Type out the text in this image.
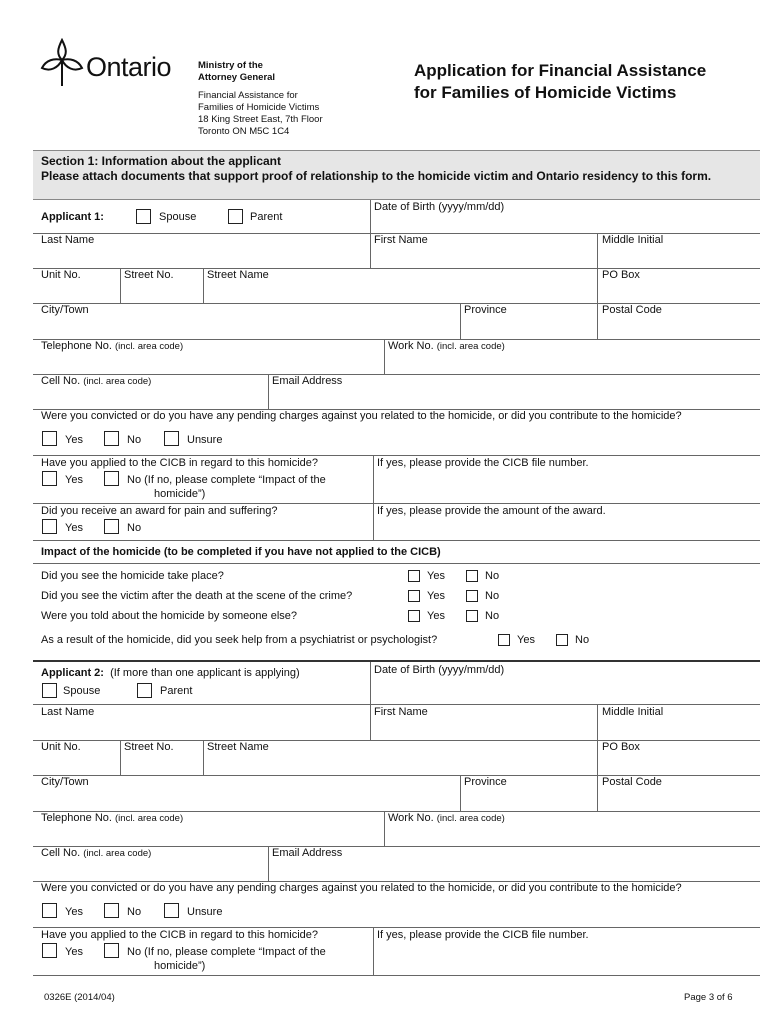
Ontario	Ministry of the
Attorney General
Financial Assistance for
Families of Homicide Victims
18 King Street East, 7th Floor
Toronto ON M5C 1C4
Application for Financial Assistance
for Families of Homicide Victims
Section 1: Information about the applicant
Please attach documents that support proof of relationship to the homicide victim and Ontario residency to this form.
Applicant 1:	Spouse	Parent
Date of Birth (yyyy/mm/dd)
Last Name	First Name	Middle Initial
Unit No.	Street No.	Street Name	PO Box
City/Town	Province	Postal Code
Telephone No. (incl. area code)	Work No. (incl. area code)
Cell No. (incl. area code)	Email Address
Were you convicted or do you have any pending charges against you related to the homicide, or did you contribute to the homicide?
Yes	No	Unsure
Have you applied to the CICB in regard to this homicide?	If yes, please provide the CICB file number.
Yes	No (If no, please complete “Impact of the
homicide”)
Did you receive an award for pain and suffering?	If yes, please provide the amount of the award.
Yes	No
Impact of the homicide (to be completed if you have not applied to the CICB)
Did you see the homicide take place?	Yes	No
Did you see the victim after the death at the scene of the crime?	Yes	No
Were you told about the homicide by someone else?	Yes	No
As a result of the homicide, did you seek help from a psychiatrist or psychologist?	Yes	No
Applicant 2: (If more than one applicant is applying)	Date of Birth (yyyy/mm/dd)
Spouse	Parent
Last Name	First Name	Middle Initial
Unit No.	Street No.	Street Name	PO Box
City/Town	Province	Postal Code
Telephone No. (incl. area code)	Work No. (incl. area code)
Cell No. (incl. area code)	Email Address
Were you convicted or do you have any pending charges against you related to the homicide, or did you contribute to the homicide?
Yes	No	Unsure
Have you applied to the CICB in regard to this homicide?	If yes, please provide the CICB file number.
Yes	No (If no, please complete “Impact of the
homicide”)
0326E (2014/04)	Page 3 of 6
